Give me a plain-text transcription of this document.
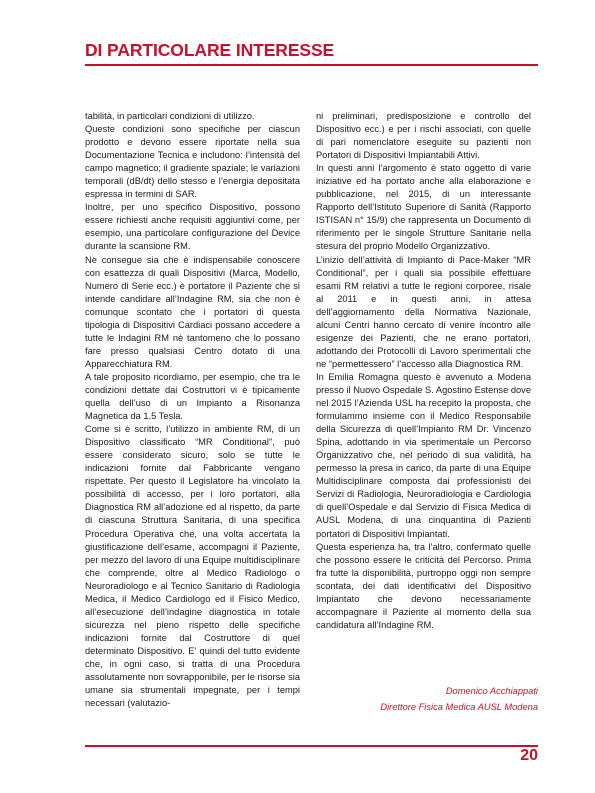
DI PARTICOLARE INTERESSE

tabilità, in particolari condizioni di utilizzo.

Queste condizioni sono specifiche per ciascun prodotto e devono essere riportate nella sua Documentazione Tecnica e includono: l’intensità del campo magnetico; il gradiente spaziale; le variazioni temporali (dB/dt) dello stesso e l’energia depositata espressa in termini di SAR.

Inoltre, per uno specifico Dispositivo, possono essere richiesti anche requisiti aggiuntivi come, per esempio, una particolare configurazione del Device durante la scansione RM.

Ne consegue sia che è indispensabile conoscere con esattezza di quali Dispositivi (Marca, Modello, Numero di Serie ecc.) è portatore il Paziente che si intende candidare all’Indagine RM, sia che non è comunque scontato che i portatori di questa tipologia di Dispositivi Cardiaci possano accedere a tutte le Indagini RM nè tantomeno che lo possano fare presso qualsiasi Centro dotato di una Apparecchiatura RM.

A tale proposito ricordiamo, per esempio, che tra le condizioni dettate dai Costruttori vi è tipicamente quella dell’uso di un Impianto a Risonanza Magnetica da 1.5 Tesla.

Come si è scritto, l’utilizzo in ambiente RM, di un Dispositivo classificato “MR Conditional”, può essere considerato sicuro, solo se tutte le indicazioni fornite dal Fabbricante vengano rispettate. Per questo il Legislatore ha vincolato la possibilità di accesso, per i loro portatori, alla Diagnostica RM all’adozione ed al rispetto, da parte di ciascuna Struttura Sanitaria, di una specifica Procedura Operativa che, una volta accertata la giustificazione dell’esame, accompagni il Paziente, per mezzo del lavoro di una Equipe multidisciplinare che comprende, oltre al Medico Radiologo o Neuroradiologo e al Tecnico Sanitario di Radiologia Medica, il Medico Cardiologo ed il Fisico Medico, all’esecuzione dell’indagine diagnostica in totale sicurezza nel pieno rispetto delle specifiche indicazioni fornite dal Costruttore di quel determinato Dispositivo. E’ quindi del tutto evidente che, in ogni caso, si tratta di una Procedura assolutamente non sovrapponibile, per le risorse sia umane sia strumentali impegnate, per i tempi necessari (valutazio-

ni preliminari, predisposizione e controllo del Dispositivo ecc.) e per i rischi associati, con quelle di pari nomenclatore eseguite su pazienti non Portatori di Dispositivi Impiantabili Attivi.

In questi anni l’argomento è stato oggetto di varie iniziative ed ha portato anche alla elaborazione e pubblicazione, nel 2015, di un interessante Rapporto dell’Istituto Superiore di Sanità (Rapporto ISTISAN n° 15/9) che rappresenta un Documento di riferimento per le singole Strutture Sanitarie nella stesura del proprio Modello Organizzativo.

L’inizio dell’attività di Impianto di Pace-Maker “MR Conditional”, per i quali sia possibile effettuare esami RM relativi a tutte le regioni corporee, risale al 2011 e in questi anni, in attesa dell’aggiornamento della Normativa Nazionale, alcuni Centri hanno cercato di venire incontro alle esigenze dei Pazienti, che ne erano portatori, adottando dei Protocolli di Lavoro sperimentali che ne “permettessero” l’accesso alla Diagnostica RM.

In Emilia Romagna questo è avvenuto a Modena presso il Nuovo Ospedale S. Agostino Estense dove nel 2015 l’Azienda USL ha recepito la proposta, che formulammo insieme con il Medico Responsabile della Sicurezza di quell’Impianto RM Dr. Vincenzo Spina, adottando in via sperimentale un Percorso Organizzativo che, nel periodo di sua validità, ha permesso la presa in carico, da parte di una Equipe Multidisciplinare composta dai professionisti dei Servizi di Radiologia, Neuroradiologia e Cardiologia di quell’Ospedale e dal Servizio di Fisica Medica di AUSL Modena, di una cinquantina di Pazienti portatori di Dispositivi Impiantati.

Questa esperienza ha, tra l’altro, confermato quelle che possono essere le criticità del Percorso. Prima fra tutte la disponibilità, purtroppo oggi non sempre scontata, dei dati identificativi del Dispositivo Impiantato che devono necessariamente accompagnare il Paziente al momento della sua candidatura all’Indagine RM.

Domenico Acchiappati
Direttore Fisica Medica AUSL Modena
20
